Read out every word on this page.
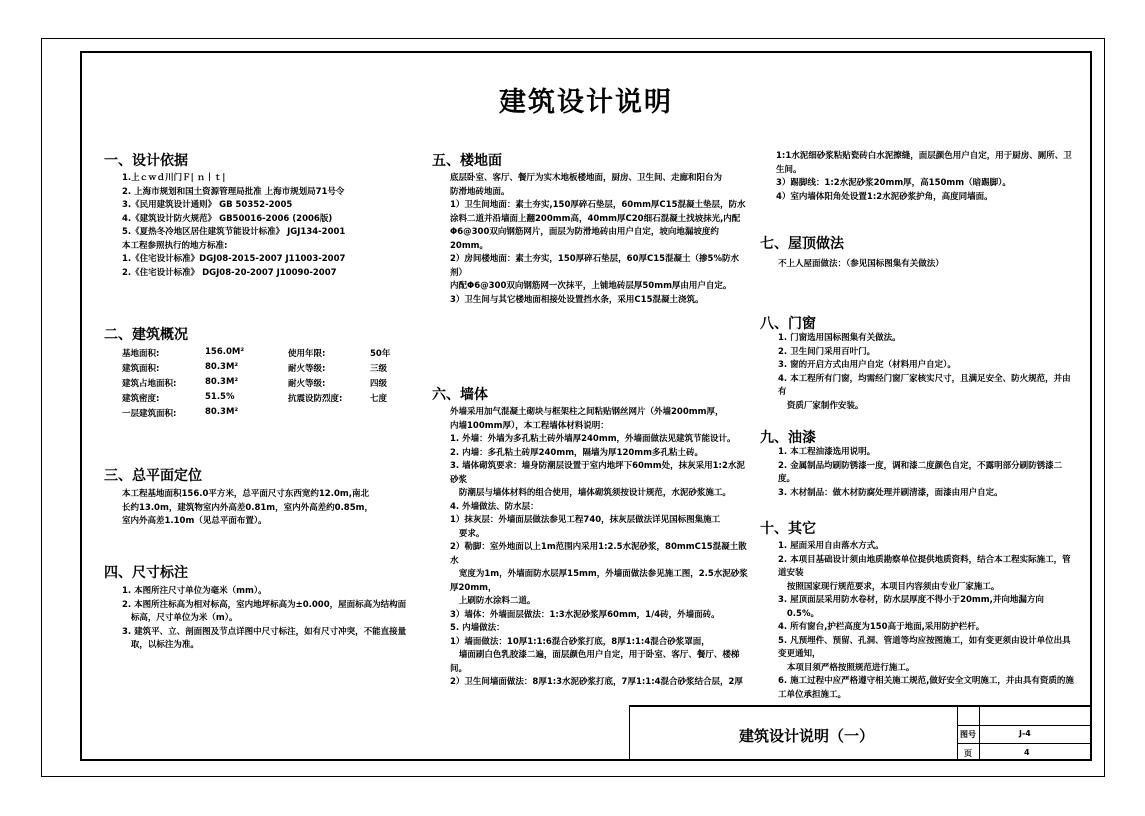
建筑设计说明
一、设计依据
1.上ｃｗｄ川门Ｆ| ｎ丨ｔ|
2. 上海市规划和国土资源管理局批准 上海市规划局71号令
3.《民用建筑设计通则》 GB 50352-2005
4.《建筑设计防火规范》 GB50016-2006 (2006版)
5.《夏热冬冷地区居住建筑节能设计标准》 JGJ134-2001
本工程参照执行的地方标准:
1.《住宅设计标准》DGJ08-2015-2007 J11003-2007
2.《住宅设计标准》 DGJ08-20-2007 J10090-2007
二、建筑概况
基地面积:	156.0M²	使用年限:	50年
建筑面积:	80.3M²	耐火等级:	三级
建筑占地面积:	80.3M²	耐火等级:	四级
建筑密度:	51.5%	抗震设防烈度:	七度
一层建筑面积:	80.3M²
三、总平面定位

本工程基地面积156.0平方米，总平面尺寸东西宽约12.0m,南北
长约13.0m，建筑物室内外高差0.81m，室内外高差约0.85m，
室内外高差1.10m（见总平面布置）。

四、尺寸标注

1. 本图所注尺寸单位为毫米（mm）。
2. 本图所注标高为相对标高，室内地坪标高为±0.000，屋面标高为结构面
标高，尺寸单位为米（m）。
3. 建筑平、立、剖面图及节点详图中尺寸标注，如有尺寸冲突，不能直接量
取，以标注为准。

五、楼地面

底层卧室、客厅、餐厅为实木地板楼地面，厨房、卫生间、走廊和阳台为
防滑地砖地面。
1）卫生间地面：素土夯实,150厚碎石垫层，60mm厚C15混凝土垫层，防水
涂料二道并沿墙面上翻200mm高，40mm厚C20细石混凝土找坡抹光,内配
Φ6@300双向钢筋网片，面层为防滑地砖由用户自定，坡向地漏坡度约20mm。
2）房间楼地面：素土夯实，150厚碎石垫层，60厚C15混凝土（掺5%防水剂）
内配Φ6@300双向钢筋网一次抹平，上铺地砖层厚50mm厚由用户自定。
3）卫生间与其它楼地面相接处设置挡水条，采用C15混凝土浇筑。

六、墙体

外墙采用加气混凝土砌块与框架柱之间粘贴钢丝网片（外墙200mm厚，
内墙100mm厚），本工程墙体材料说明：
1. 外墙：外墙为多孔粘土砖外墙厚240mm，外墙面做法见建筑节能设计。
2. 内墙：多孔粘土砖厚240mm，隔墙为厚120mm多孔粘土砖。
3. 墙体砌筑要求：墙身防潮层设置于室内地坪下60mm处，抹灰采用1:2水泥砂浆
防潮层与墙体材料的组合使用，墙体砌筑须按设计规范，水泥砂浆施工。
4. 外墙做法、防水层：
1）抹灰层：外墙面层做法参见工程740，抹灰层做法详见国标图集施工
要求。
2）勒脚：室外地面以上1m范围内采用1:2.5水泥砂浆，80mmC15混凝土散水
宽度为1m，外墙面防水层厚15mm，外墙面做法参见施工图，2.5水泥砂浆厚20mm，
上刷防水涂料二道。
3）墙体：外墙面层做法：1:3水泥砂浆厚60mm，1/4砖，外墙面砖。
5. 内墙做法：
1）墙面做法：10厚1:1:6混合砂浆打底，8厚1:1:4混合砂浆罩面，
墙面刷白色乳胶漆二遍，面层颜色用户自定，用于卧室、客厅、餐厅、楼梯间。
2）卫生间墙面做法：8厚1:3水泥砂浆打底，7厚1:1:4混合砂浆结合层，2厚

1:1水泥细砂浆粘贴瓷砖白水泥擦缝，面层颜色用户自定，用于厨房、厕所、卫生间。
3）踢脚线：1:2水泥砂浆20mm厚，高150mm（暗踢脚）。
4）室内墙体阳角处设置1:2水泥砂浆护角，高度同墙面。

七、屋顶做法

不上人屋面做法：（参见国标图集有关做法）

八、门窗

1. 门窗选用国标图集有关做法。
2. 卫生间门采用百叶门。
3. 窗的开启方式由用户自定（材料用户自定）。
4. 本工程所有门窗，均需经门窗厂家核实尺寸，且满足安全、防火规范，并由有
资质厂家制作安装。

九、油漆

1. 本工程油漆选用说明。
2. 金属制品均刷防锈漆一度，调和漆二度颜色自定，不露明部分刷防锈漆二度。
3. 木材制品：做木材防腐处理并刷清漆，面漆由用户自定。

十、其它

1. 屋面采用自由落水方式。
2. 本项目基础设计须由地质勘察单位提供地质资料，结合本工程实际施工，管道安装
按照国家现行规范要求，本项目内容须由专业厂家施工。
3. 屋顶面层采用防水卷材，防水层厚度不得小于20mm,并向地漏方向
0.5%。
4. 所有窗台,护栏高度为150高于地面,采用防护栏杆。
5. 凡预埋件、预留、孔洞、管道等均应按图施工，如有变更须由设计单位出具变更通知，
本项目须严格按照规范进行施工。
6. 施工过程中应严格遵守相关施工规范,做好安全文明施工，并由具有资质的施工单位承担施工。

建筑设计说明（一）	图号	J-4
页	4
